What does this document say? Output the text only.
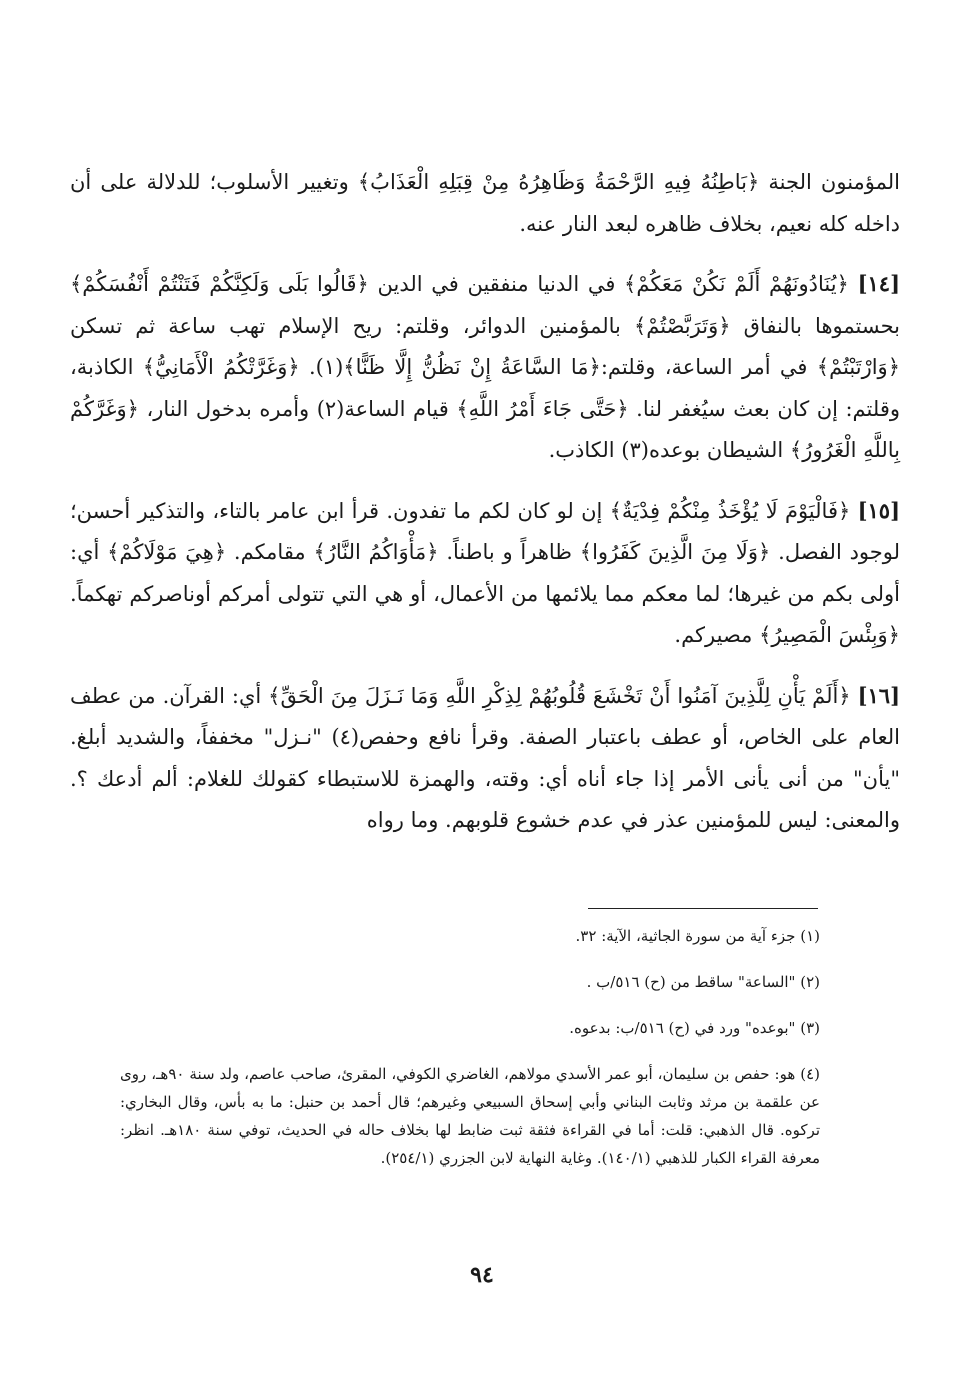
المؤمنون الجنة ﴿بَاطِنُهُ فِيهِ الرَّحْمَةُ وَظَاهِرُهُ مِنْ قِبَلِهِ الْعَذَابُ﴾ وتغيير الأسلوب؛ للدلالة على أن داخله كله نعيم، بخلاف ظاهره لبعد النار عنه.

[١٤] ﴿يُنَادُونَهُمْ أَلَمْ نَكُنْ مَعَكُمْ﴾ في الدنيا منفقين في الدين ﴿قَالُوا بَلَى وَلَكِنَّكُمْ فَتَنْتُمْ أَنْفُسَكُمْ﴾ بحستموها بالنفاق ﴿وَتَرَبَّصْتُمْ﴾ بالمؤمنين الدوائر، وقلتم: ريح الإسلام تهب ساعة ثم تسكن ﴿وَارْتَبْتُمْ﴾ في أمر الساعة، وقلتم:﴿مَا السَّاعَةُ إِنْ نَظُنُّ إِلَّا ظَنًّا﴾(١). ﴿وَغَرَّتْكُمُ الْأَمَانِيُّ﴾ الكاذبة، وقلتم: إن كان بعث سيُغفر لنا. ﴿حَتَّى جَاءَ أَمْرُ اللَّهِ﴾ قيام الساعة(٢) وأمره بدخول النار، ﴿وَغَرَّكُمْ بِاللَّهِ الْغَرُورُ﴾ الشيطان بوعده(٣) الكاذب.

[١٥] ﴿فَالْيَوْمَ لَا يُؤْخَذُ مِنْكُمْ فِدْيَةٌ﴾ إن لو كان لكم ما تفدون. قرأ ابن عامر بالتاء، والتذكير أحسن؛ لوجود الفصل. ﴿وَلَا مِنَ الَّذِينَ كَفَرُوا﴾ ظاهراً و باطناً. ﴿مَأْوَاكُمُ النَّارُ﴾ مقامكم. ﴿هِيَ مَوْلَاكُمْ﴾ أي: أولى بكم من غيرها؛ لما معكم مما يلائمها من الأعمال، أو هي التي تتولى أمركم أوناصركم تهكماً. ﴿وَبِئْسَ الْمَصِيرُ﴾ مصيركم.

[١٦] ﴿أَلَمْ يَأْنِ لِلَّذِينَ آمَنُوا أَنْ تَخْشَعَ قُلُوبُهُمْ لِذِكْرِ اللَّهِ وَمَا نَـزَلَ مِنَ الْحَقِّ﴾ أي: القرآن. من عطف العام على الخاص، أو عطف باعتبار الصفة. وقرأ نافع وحفص(٤) "نـزل" مخففاً، والشديد أبلغ. "يأن" من أنى يأنى الأمر إذا جاء أناه أي: وقته، والهمزة للاستبطاء كقولك للغلام: ألم أدعك ؟. والمعنى: ليس للمؤمنين عذر في عدم خشوع قلوبهم. وما رواه

(١) جزء آية من سورة الجاثية، الآية: ٣٢.

(٢) "الساعة" ساقط من (ح) ٥١٦/ب .

(٣) "بوعده" ورد في (ح) ٥١٦/ب: بدعوه.

(٤) هو: حفص بن سليمان، أبو عمر الأسدي مولاهم، الغاضري الكوفي، المقرئ، صاحب عاصم، ولد سنة ٩٠هـ، روى عن علقمة بن مرثد وثابت البناني وأبي إسحاق السبيعي وغيرهم؛ قال أحمد بن حنبل: ما به بأس، وقال البخاري: تركوه. قال الذهبي: قلت: أما في القراءة فثقة ثبت ضابط لها بخلاف حاله في الحديث، توفي سنة ١٨٠هـ. انظر: معرفة القراء الكبار للذهبي (١٤٠/١). وغاية النهاية لابن الجزري (٢٥٤/١).

٩٤
